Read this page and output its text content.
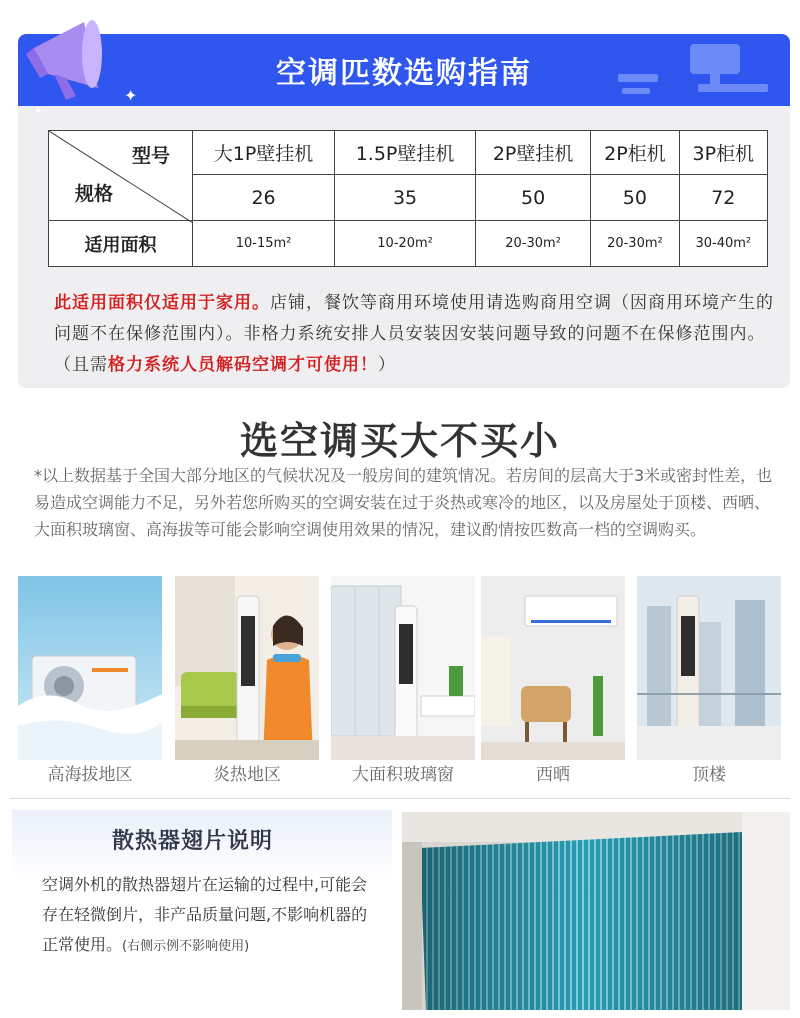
空调匹数选购指南
✦
✦
型号
规格	大1P壁挂机	1.5P壁挂机	2P壁挂机	2P柜机	3P柜机
	26	35	50	50	72
适用面积	10-15m²	10-20m²	20-30m²	20-30m²	30-40m²

此适用面积仅适用于家用。店铺，餐饮等商用环境使用请选购商用空调（因商用环境产生的问题不在保修范围内）。非格力系统安排人员安装因安装问题导致的问题不在保修范围内。（且需格力系统人员解码空调才可使用！）

选空调买大不买小

*以上数据基于全国大部分地区的气候状况及一般房间的建筑情况。若房间的层高大于3米或密封性差，也易造成空调能力不足，另外若您所购买的空调安装在过于炎热或寒冷的地区，以及房屋处于顶楼、西晒、大面积玻璃窗、高海拔等可能会影响空调使用效果的情况，建议酌情按匹数高一档的空调购买。

高海拔地区	炎热地区	大面积玻璃窗	西晒	顶楼
散热器翅片说明

空调外机的散热器翅片在运输的过程中,可能会存在轻微倒片，非产品质量问题,不影响机器的正常使用。(右侧示例不影响使用)
